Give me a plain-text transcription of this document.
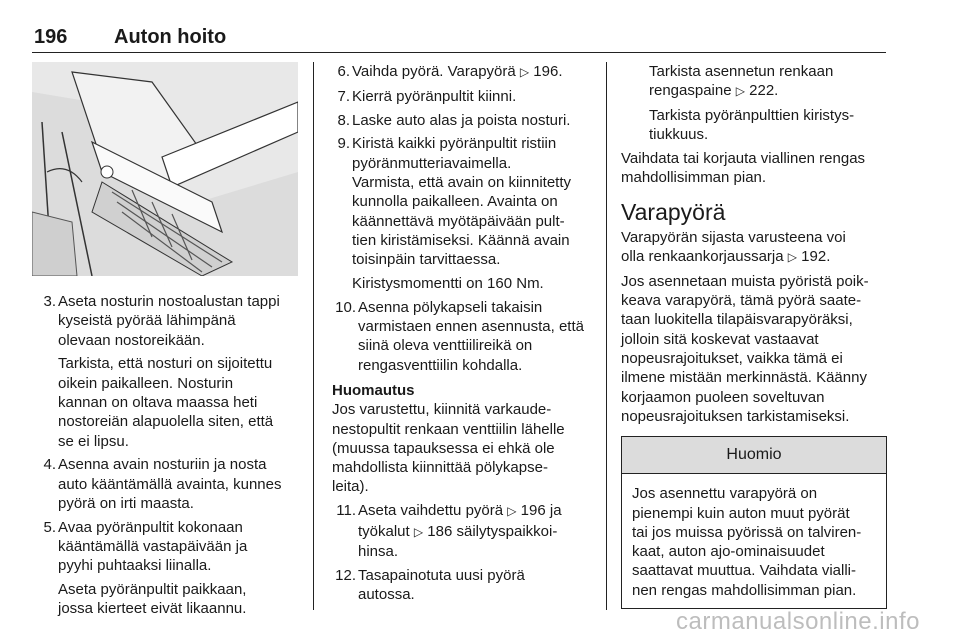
196 Auton hoito
3. Aseta nosturin nostoalustan tappi
kyseistä pyörää lähimpänä
olevaan nostoreikään.
Tarkista, että nosturi on sijoitettu
oikein paikalleen. Nosturin
kannan on oltava maassa heti
nostoreiän alapuolella siten, että
se ei lipsu.
4. Asenna avain nosturiin ja nosta
auto kääntämällä avainta, kunnes
pyörä on irti maasta.
5. Avaa pyöränpultit kokonaan
kääntämällä vastapäivään ja
pyyhi puhtaaksi liinalla.
Aseta pyöränpultit paikkaan,
jossa kierteet eivät likaannu.
6. Vaihda pyörä. Varapyörä ▷ 196.
7. Kierrä pyöränpultit kiinni.
8. Laske auto alas ja poista nosturi.
9. Kiristä kaikki pyöränpultit ristiin
pyöränmutteriavaimella.
Varmista, että avain on kiinnitetty
kunnolla paikalleen. Avainta on
käännettävä myötäpäivään pult-
tien kiristämiseksi. Käännä avain
toisinpäin tarvittaessa.
Kiristysmomentti on 160 Nm.
10. Asenna pölykapseli takaisin
varmistaen ennen asennusta, että
siinä oleva venttiilireikä on
rengasventtiilin kohdalla.
Huomautus
Jos varustettu, kiinnitä varkaude-
nestopultit renkaan venttiilin lähelle
(muussa tapauksessa ei ehkä ole
mahdollista kiinnittää pölykapse-
leita).
11. Aseta vaihdettu pyörä ▷ 196 ja
työkalut ▷ 186 säilytyspaikkoi-
hinsa.
12. Tasapainotuta uusi pyörä
autossa.
Tarkista asennetun renkaan
rengaspaine ▷ 222.
Tarkista pyöränpulttien kiristys-
tiukkuus.
Vaihdata tai korjauta viallinen rengas
mahdollisimman pian.
Varapyörä
Varapyörän sijasta varusteena voi
olla renkaankorjaussarja ▷ 192.
Jos asennetaan muista pyöristä poik-
keava varapyörä, tämä pyörä saate-
taan luokitella tilapäisvarapyöräksi,
jolloin sitä koskevat vastaavat
nopeusrajoitukset, vaikka tämä ei
ilmene mistään merkinnästä. Käänny
korjaamon puoleen soveltuvan
nopeusrajoituksen tarkistamiseksi.
Huomio
Jos asennettu varapyörä on
pienempi kuin auton muut pyörät
tai jos muissa pyörissä on talviren-
kaat, auton ajo-ominaisuudet
saattavat muuttua. Vaihdata vialli-
nen rengas mahdollisimman pian.
carmanualsonline.info
